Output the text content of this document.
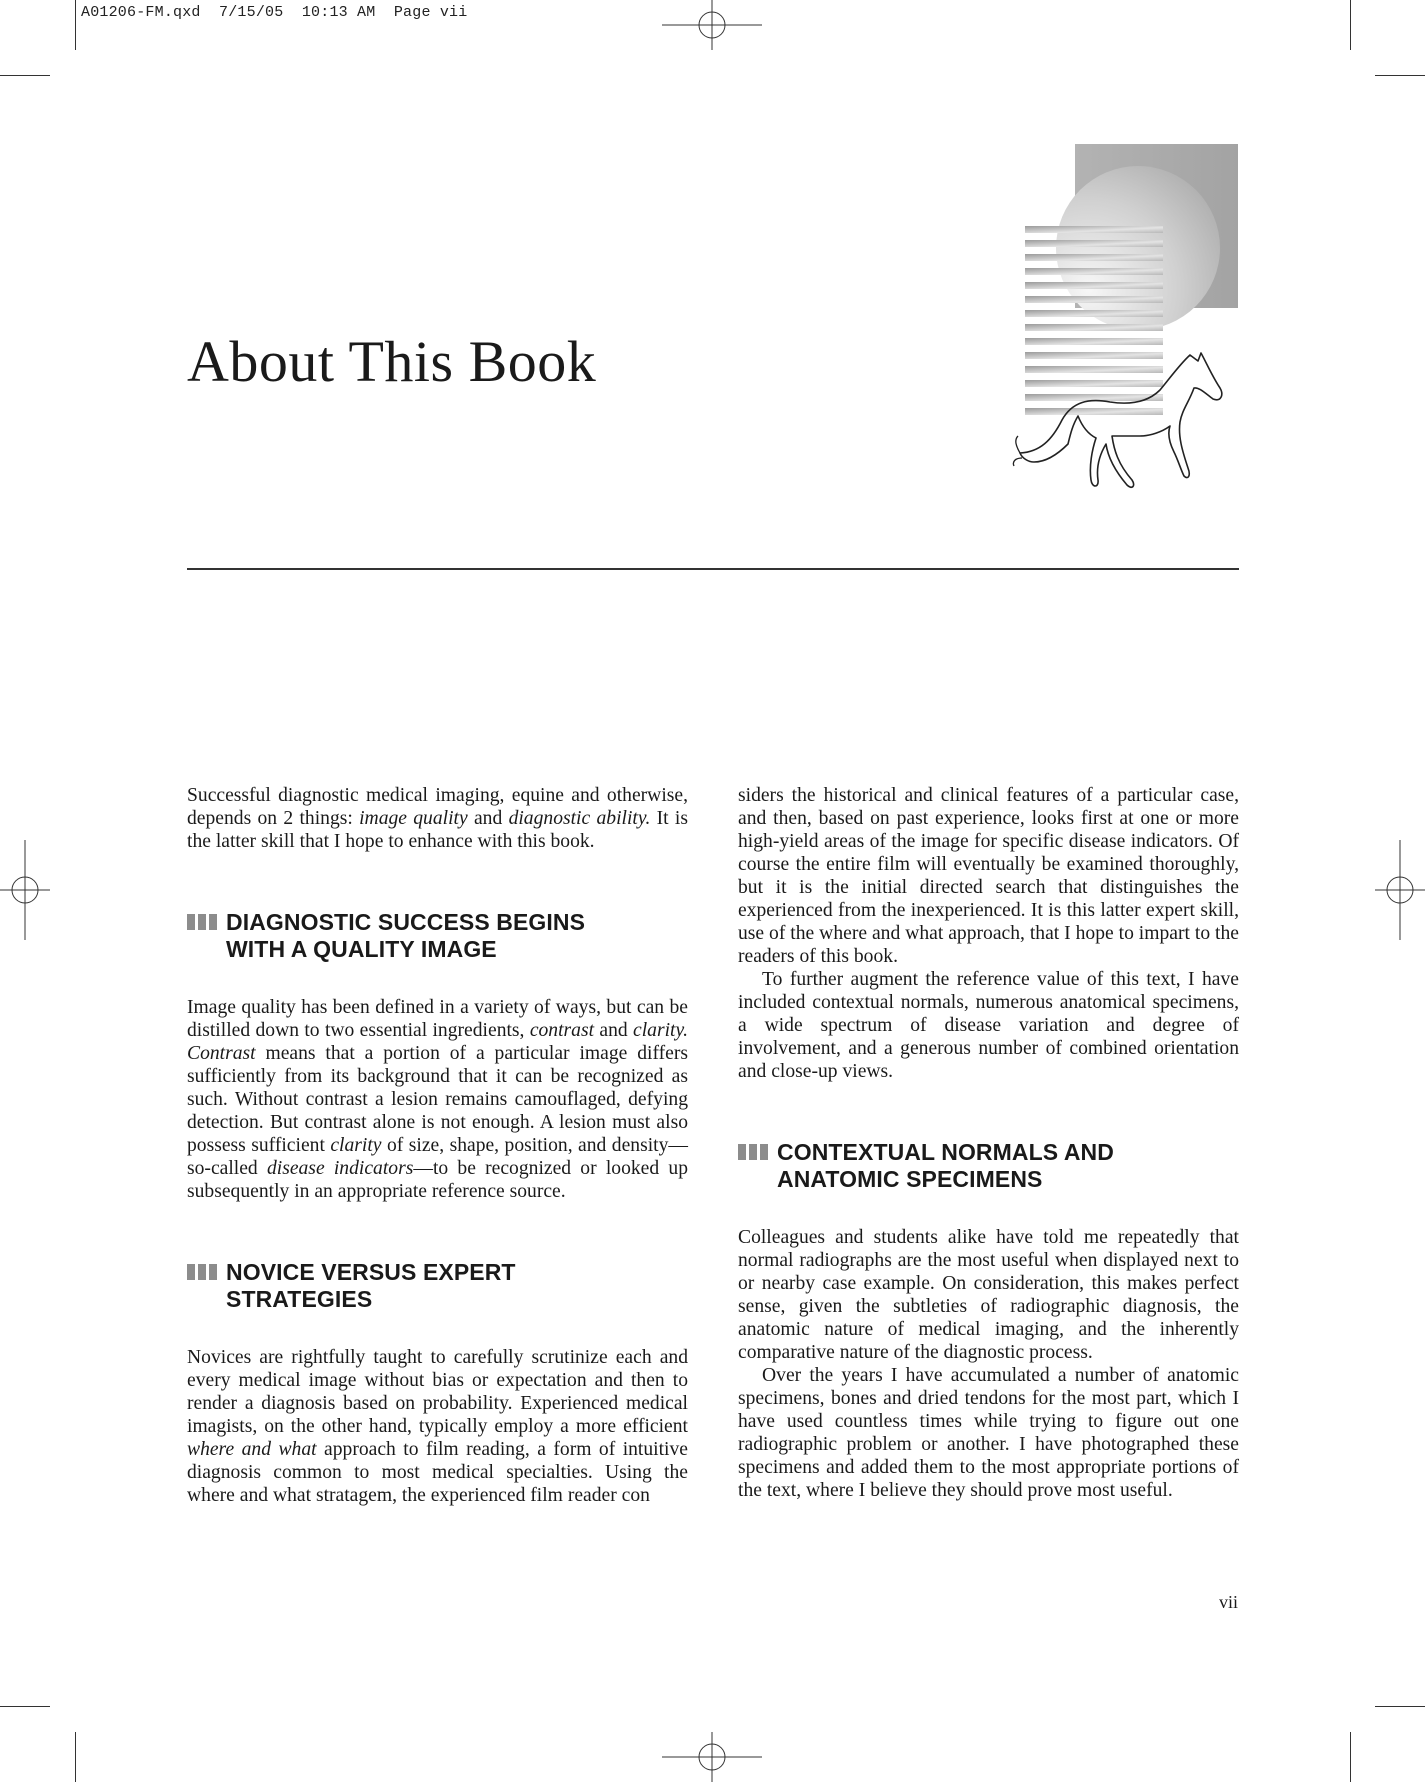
A01206-FM.qxd  7/15/05  10:13 AM  Page vii
About This Book

Successful diagnostic medical imaging, equine and otherwise, depends on 2 things: image quality and diagnostic ability. It is the latter skill that I hope to enhance with this book.

DIAGNOSTIC SUCCESS BEGINS
WITH A QUALITY IMAGE

Image quality has been defined in a variety of ways, but can be distilled down to two essential ingredients, contrast and clarity. Contrast means that a portion of a particular image differs sufficiently from its background that it can be recognized as such. Without contrast a lesion remains camouflaged, defying detection. But contrast alone is not enough. A lesion must also possess sufficient clarity of size, shape, position, and density—so-called disease indicators—to be recognized or looked up subsequently in an appropriate reference source.

NOVICE VERSUS EXPERT
STRATEGIES

Novices are rightfully taught to carefully scrutinize each and every medical image without bias or expectation and then to render a diagnosis based on probability. Experienced medical imagists, on the other hand, typically employ a more efficient where and what approach to film reading, a form of intuitive diagnosis common to most medical specialties. Using the where and what stratagem, the experienced film reader con

siders the historical and clinical features of a particular case, and then, based on past experience, looks first at one or more high-yield areas of the image for specific disease indicators. Of course the entire film will eventually be examined thoroughly, but it is the initial directed search that distinguishes the experienced from the inexperienced. It is this latter expert skill, use of the where and what approach, that I hope to impart to the readers of this book.

To further augment the reference value of this text, I have included contextual normals, numerous anatomical specimens, a wide spectrum of disease variation and degree of involvement, and a generous number of combined orientation and close-up views.

CONTEXTUAL NORMALS AND
ANATOMIC SPECIMENS

Colleagues and students alike have told me repeatedly that normal radiographs are the most useful when displayed next to or nearby case example. On consideration, this makes perfect sense, given the subtleties of radiographic diagnosis, the anatomic nature of medical imaging, and the inherently comparative nature of the diagnostic process.

Over the years I have accumulated a number of anatomic specimens, bones and dried tendons for the most part, which I have used countless times while trying to figure out one radiographic problem or another. I have photographed these specimens and added them to the most appropriate portions of the text, where I believe they should prove most useful.

vii
